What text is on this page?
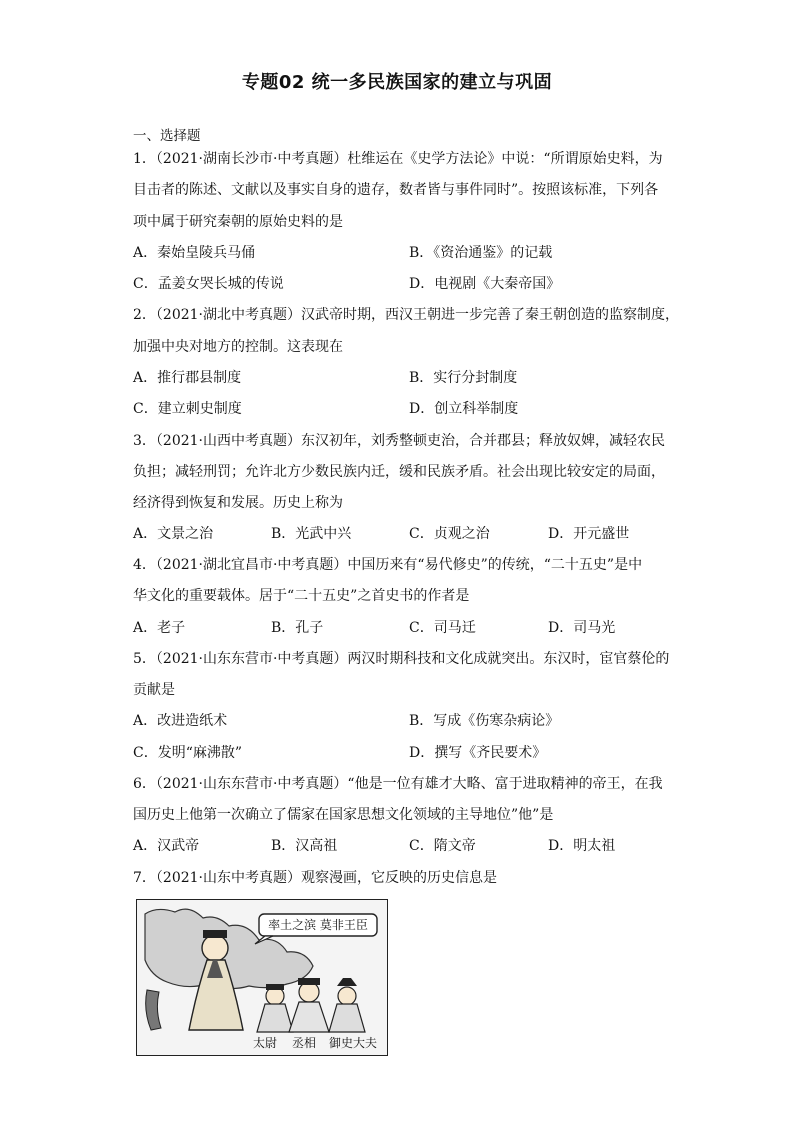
专题02 统一多民族国家的建立与巩固
一、选择题
1．（2021·湖南长沙市·中考真题）杜维运在《史学方法论》中说：“所谓原始史料，为
目击者的陈述、文献以及事实自身的遗存，数者皆与事件同时”。按照该标准，下列各
项中属于研究秦朝的原始史料的是
A．秦始皇陵兵马俑	B．《资治通鉴》的记载
C．孟姜女哭长城的传说	D．电视剧《大秦帝国》
2．（2021·湖北中考真题）汉武帝时期，西汉王朝进一步完善了秦王朝创造的监察制度，
加强中央对地方的控制。这表现在
A．推行郡县制度	B．实行分封制度
C．建立刺史制度	D．创立科举制度
3．（2021·山西中考真题）东汉初年，刘秀整顿吏治，合并郡县；释放奴婢，减轻农民
负担；减轻刑罚；允许北方少数民族内迁，缓和民族矛盾。社会出现比较安定的局面，
经济得到恢复和发展。历史上称为
A．文景之治	B．光武中兴	C．贞观之治	D．开元盛世
4．（2021·湖北宜昌市·中考真题）中国历来有“易代修史”的传统，“二十五史”是中
华文化的重要载体。居于“二十五史”之首史书的作者是
A．老子	B．孔子	C．司马迁	D．司马光
5．（2021·山东东营市·中考真题）两汉时期科技和文化成就突出。东汉时，宦官蔡伦的
贡献是
A．改进造纸术	B．写成《伤寒杂病论》
C．发明“麻沸散”	D．撰写《齐民要术》
6．（2021·山东东营市·中考真题）“他是一位有雄才大略、富于进取精神的帝王，在我
国历史上他第一次确立了儒家在国家思想文化领域的主导地位”他”是
A．汉武帝	B．汉高祖	C．隋文帝	D．明太祖
7．（2021·山东中考真题）观察漫画，它反映的历史信息是
率土之滨 莫非王臣
太尉 丞相 御史大夫
